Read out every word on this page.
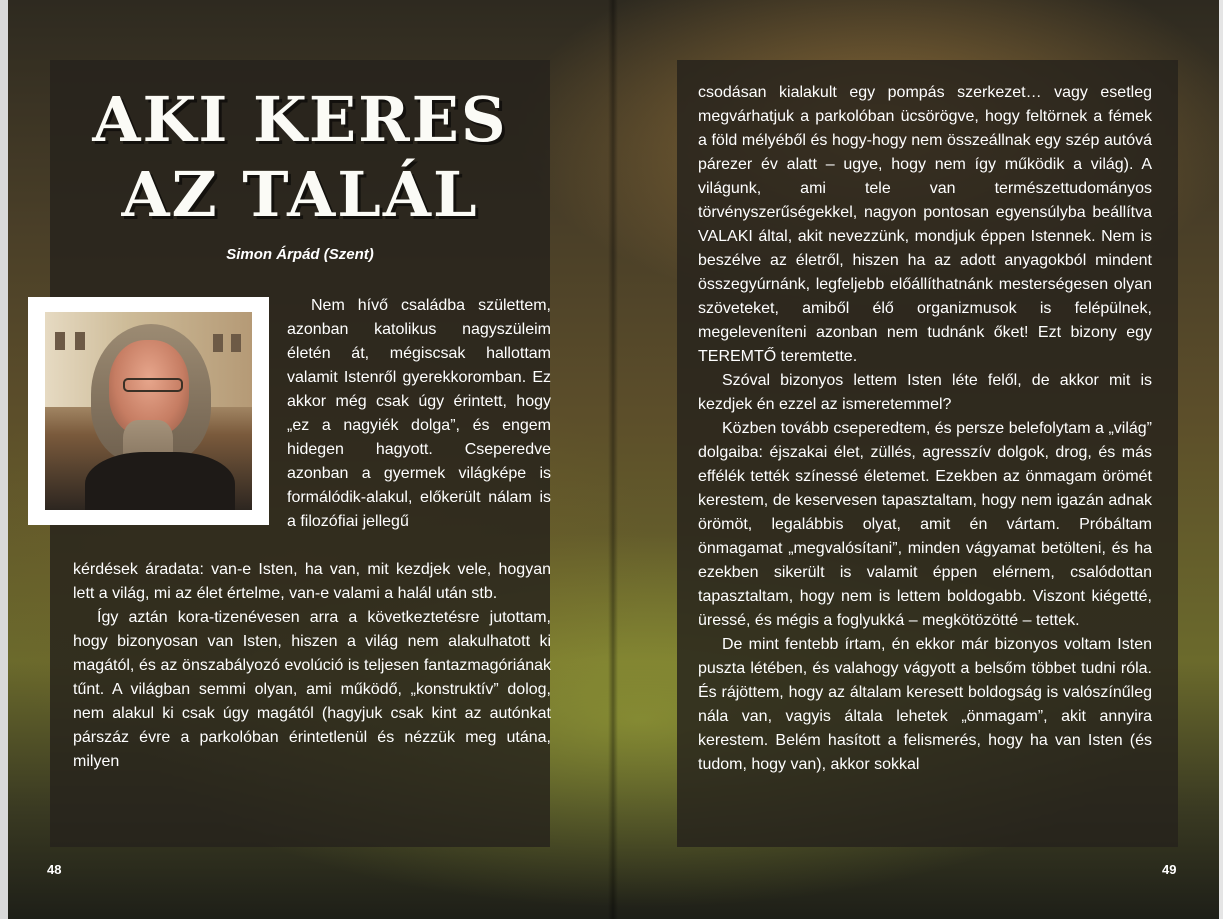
AKI KERES
AZ TALÁL

Simon Árpád (Szent)

Nem hívő családba születtem, azonban katolikus nagyszüleim életén át, mégiscsak hallottam valamit Istenről gyerekkoromban. Ez akkor még csak úgy érintett, hogy „ez a nagyiék dolga”, és engem hidegen hagyott. Cseperedve azonban a gyermek világképe is formálódik-alakul, előkerült nálam is a filozófiai jellegű

kérdések áradata: van-e Isten, ha van, mit kezdjek vele, hogyan lett a világ, mi az élet értelme, van-e valami a halál után stb.

Így aztán kora-tizenévesen arra a következtetésre jutottam, hogy bizonyosan van Isten, hiszen a világ nem alakulhatott ki magától, és az önszabályozó evolúció is teljesen fantazmagóriának tűnt. A világban semmi olyan, ami működő, „konstruktív” dolog, nem alakul ki csak úgy magától (hagyjuk csak kint az autónkat párszáz évre a parkolóban érintetlenül és nézzük meg utána, milyen

csodásan kialakult egy pompás szerkezet… vagy esetleg megvárhatjuk a parkolóban ücsörögve, hogy feltörnek a fémek a föld mélyéből és hogy-hogy nem összeállnak egy szép autóvá párezer év alatt – ugye, hogy nem így működik a világ). A világunk, ami tele van természettudományos törvényszerűségekkel, nagyon pontosan egyensúlyba beállítva VALAKI által, akit nevezzünk, mondjuk éppen Istennek. Nem is beszélve az életről, hiszen ha az adott anyagokból mindent összegyúrnánk, legfeljebb előállíthatnánk mesterségesen olyan szöveteket, amiből élő organizmusok is felépülnek, megeleveníteni azonban nem tudnánk őket! Ezt bizony egy TEREMTŐ teremtette.

Szóval bizonyos lettem Isten léte felől, de akkor mit is kezdjek én ezzel az ismeretemmel?

Közben tovább cseperedtem, és persze belefolytam a „világ” dolgaiba: éjszakai élet, züllés, agresszív dolgok, drog, és más effélék tették színessé életemet. Ezekben az önmagam örömét kerestem, de keservesen tapasztaltam, hogy nem igazán adnak örömöt, legalábbis olyat, amit én vártam. Próbáltam önmagamat „megvalósítani”, minden vágyamat betölteni, és ha ezekben sikerült is valamit éppen elérnem, csalódottan tapasztaltam, hogy nem is lettem boldogabb. Viszont kiégetté, üressé, és mégis a foglyukká – megkötözötté – tettek.

De mint fentebb írtam, én ekkor már bizonyos voltam Isten puszta létében, és valahogy vágyott a belsőm többet tudni róla. És rájöttem, hogy az általam keresett boldogság is valószínűleg nála van, vagyis általa lehetek „önmagam”, akit annyira kerestem. Belém hasított a felismerés, hogy ha van Isten (és tudom, hogy van), akkor sokkal

48	49
